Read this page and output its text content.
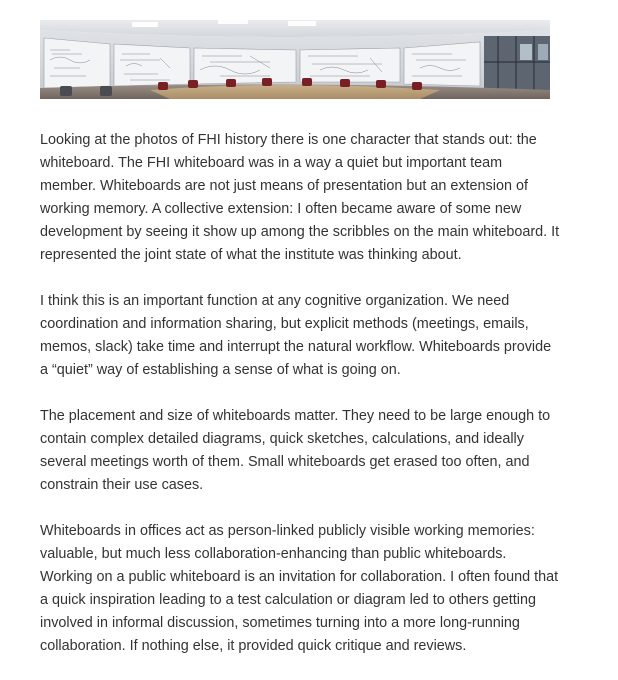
Looking at the photos of FHI history there is one character that stands out: the whiteboard. The FHI whiteboard was in a way a quiet but important team member. Whiteboards are not just means of presentation but an extension of working memory. A collective extension: I often became aware of some new development by seeing it show up among the scribbles on the main whiteboard. It represented the joint state of what the institute was thinking about.

I think this is an important function at any cognitive organization. We need coordination and information sharing, but explicit methods (meetings, emails, memos, slack) take time and interrupt the natural workflow. Whiteboards provide a “quiet” way of establishing a sense of what is going on.

The placement and size of whiteboards matter. They need to be large enough to contain complex detailed diagrams, quick sketches, calculations, and ideally several meetings worth of them. Small whiteboards get erased too often, and constrain their use cases.

Whiteboards in offices act as person-linked publicly visible working memories: valuable, but much less collaboration-enhancing than public whiteboards. Working on a public whiteboard is an invitation for collaboration. I often found that a quick inspiration leading to a test calculation or diagram led to others getting involved in informal discussion, sometimes turning into a more long-running collaboration. If nothing else, it provided quick critique and reviews.
